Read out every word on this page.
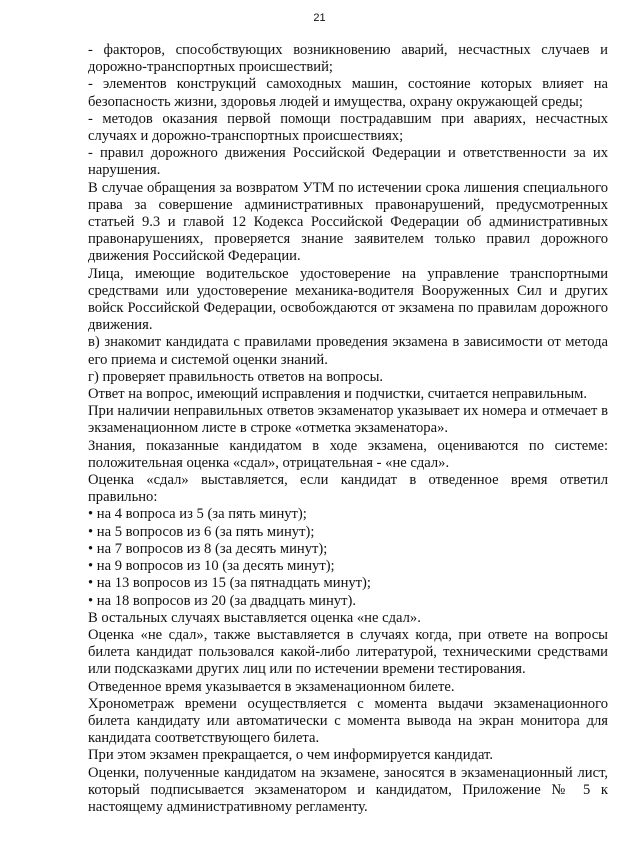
21

- факторов, способствующих возникновению аварий, несчастных случаев и дорожно-транспортных происшествий;

- элементов конструкций самоходных машин, состояние которых влияет на безопасность жизни, здоровья людей и имущества, охрану окружающей среды;

- методов оказания первой помощи пострадавшим при авариях, несчастных случаях и дорожно-транспортных происшествиях;

- правил дорожного движения Российской Федерации и ответственности за их нарушения.

В случае обращения за возвратом УТМ по истечении срока лишения специального права за совершение административных правонарушений, предусмотренных статьей 9.3 и главой 12 Кодекса Российской Федерации об административных правонарушениях, проверяется знание заявителем только правил дорожного движения Российской Федерации.

Лица, имеющие водительское удостоверение на управление транспортными средствами или удостоверение механика-водителя Вооруженных Сил и других войск Российской Федерации, освобождаются от экзамена по правилам дорожного движения.

в) знакомит кандидата с правилами проведения экзамена в зависимости от метода его приема и системой оценки знаний.

г) проверяет правильность ответов на вопросы.

Ответ на вопрос, имеющий исправления и подчистки, считается неправильным.

При наличии неправильных ответов экзаменатор указывает их номера и отмечает в экзаменационном листе в строке «отметка экзаменатора».

Знания, показанные кандидатом в ходе экзамена, оцениваются по системе: положительная оценка «сдал», отрицательная - «не сдал».

Оценка «сдал» выставляется, если кандидат в отведенное время ответил правильно:

• на 4 вопроса из 5 (за пять минут);

• на 5 вопросов из 6 (за пять минут);

• на 7 вопросов из 8 (за десять минут);

• на 9 вопросов из 10 (за десять минут);

• на 13 вопросов из 15 (за пятнадцать минут);

• на 18 вопросов из 20 (за двадцать минут).

В остальных случаях выставляется оценка «не сдал».

Оценка «не сдал», также выставляется в случаях когда, при ответе на вопросы билета кандидат пользовался какой-либо литературой, техническими средствами или подсказками других лиц или по истечении времени тестирования.

Отведенное время указывается в экзаменационном билете.

Хронометраж времени осуществляется с момента выдачи экзаменационного билета кандидату или автоматически с момента вывода на экран монитора для кандидата соответствующего билета.

При этом экзамен прекращается, о чем информируется кандидат.

Оценки, полученные кандидатом на экзамене, заносятся в экзаменационный лист, который подписывается экзаменатором и кандидатом, Приложение № 5 к настоящему административному регламенту.
